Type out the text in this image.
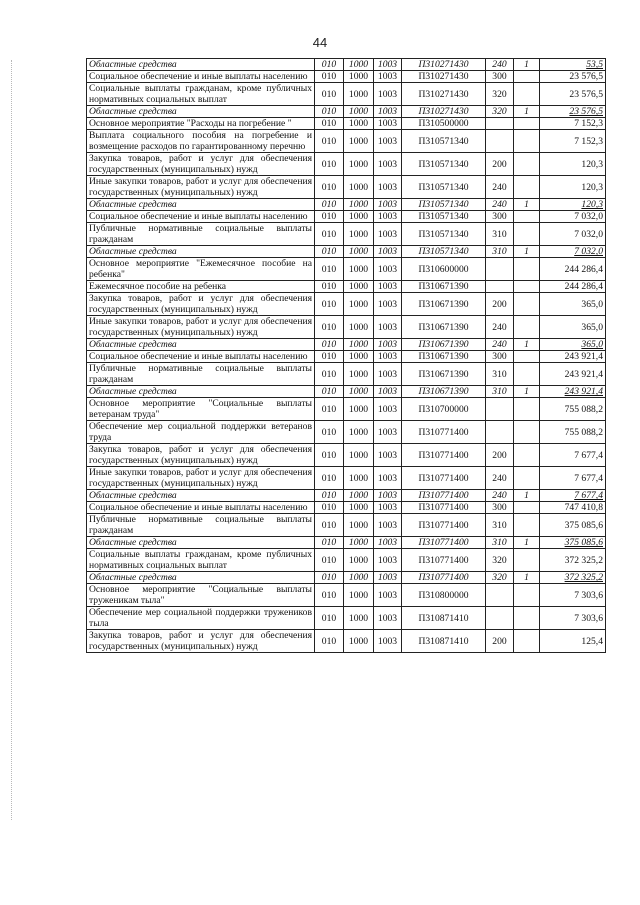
44
Областные средства	010	1000	1003	П310271430	240	1	53,5
Социальное обеспечение и иные выплаты населению	010	1000	1003	П310271430	300		23 576,5
Социальные выплаты гражданам, кроме публичных нормативных социальных выплат	010	1000	1003	П310271430	320		23 576,5
Областные средства	010	1000	1003	П310271430	320	1	23 576,5
Основное мероприятие "Расходы на погребение "	010	1000	1003	П310500000			7 152,3
Выплата социального пособия на погребение и возмещение расходов по гарантированному перечню	010	1000	1003	П310571340			7 152,3
Закупка товаров, работ и услуг для обеспечения государственных (муниципальных) нужд	010	1000	1003	П310571340	200		120,3
Иные закупки товаров, работ и услуг для обеспечения государственных (муниципальных) нужд	010	1000	1003	П310571340	240		120,3
Областные средства	010	1000	1003	П310571340	240	1	120,3
Социальное обеспечение и иные выплаты населению	010	1000	1003	П310571340	300		7 032,0
Публичные нормативные социальные выплаты гражданам	010	1000	1003	П310571340	310		7 032,0
Областные средства	010	1000	1003	П310571340	310	1	7 032,0
Основное мероприятие "Ежемесячное пособие на ребенка"	010	1000	1003	П310600000			244 286,4
Ежемесячное пособие на ребенка	010	1000	1003	П310671390			244 286,4
Закупка товаров, работ и услуг для обеспечения государственных (муниципальных) нужд	010	1000	1003	П310671390	200		365,0
Иные закупки товаров, работ и услуг для обеспечения государственных (муниципальных) нужд	010	1000	1003	П310671390	240		365,0
Областные средства	010	1000	1003	П310671390	240	1	365,0
Социальное обеспечение и иные выплаты населению	010	1000	1003	П310671390	300		243 921,4
Публичные нормативные социальные выплаты гражданам	010	1000	1003	П310671390	310		243 921,4
Областные средства	010	1000	1003	П310671390	310	1	243 921,4
Основное мероприятие "Социальные выплаты ветеранам труда"	010	1000	1003	П310700000			755 088,2
Обеспечение мер социальной поддержки ветеранов труда	010	1000	1003	П310771400			755 088,2
Закупка товаров, работ и услуг для обеспечения государственных (муниципальных) нужд	010	1000	1003	П310771400	200		7 677,4
Иные закупки товаров, работ и услуг для обеспечения государственных (муниципальных) нужд	010	1000	1003	П310771400	240		7 677,4
Областные средства	010	1000	1003	П310771400	240	1	7 677,4
Социальное обеспечение и иные выплаты населению	010	1000	1003	П310771400	300		747 410,8
Публичные нормативные социальные выплаты гражданам	010	1000	1003	П310771400	310		375 085,6
Областные средства	010	1000	1003	П310771400	310	1	375 085,6
Социальные выплаты гражданам, кроме публичных нормативных социальных выплат	010	1000	1003	П310771400	320		372 325,2
Областные средства	010	1000	1003	П310771400	320	1	372 325,2
Основное мероприятие "Социальные выплаты труженикам тыла"	010	1000	1003	П310800000			7 303,6
Обеспечение мер социальной поддержки тружеников тыла	010	1000	1003	П310871410			7 303,6
Закупка товаров, работ и услуг для обеспечения государственных (муниципальных) нужд	010	1000	1003	П310871410	200		125,4
